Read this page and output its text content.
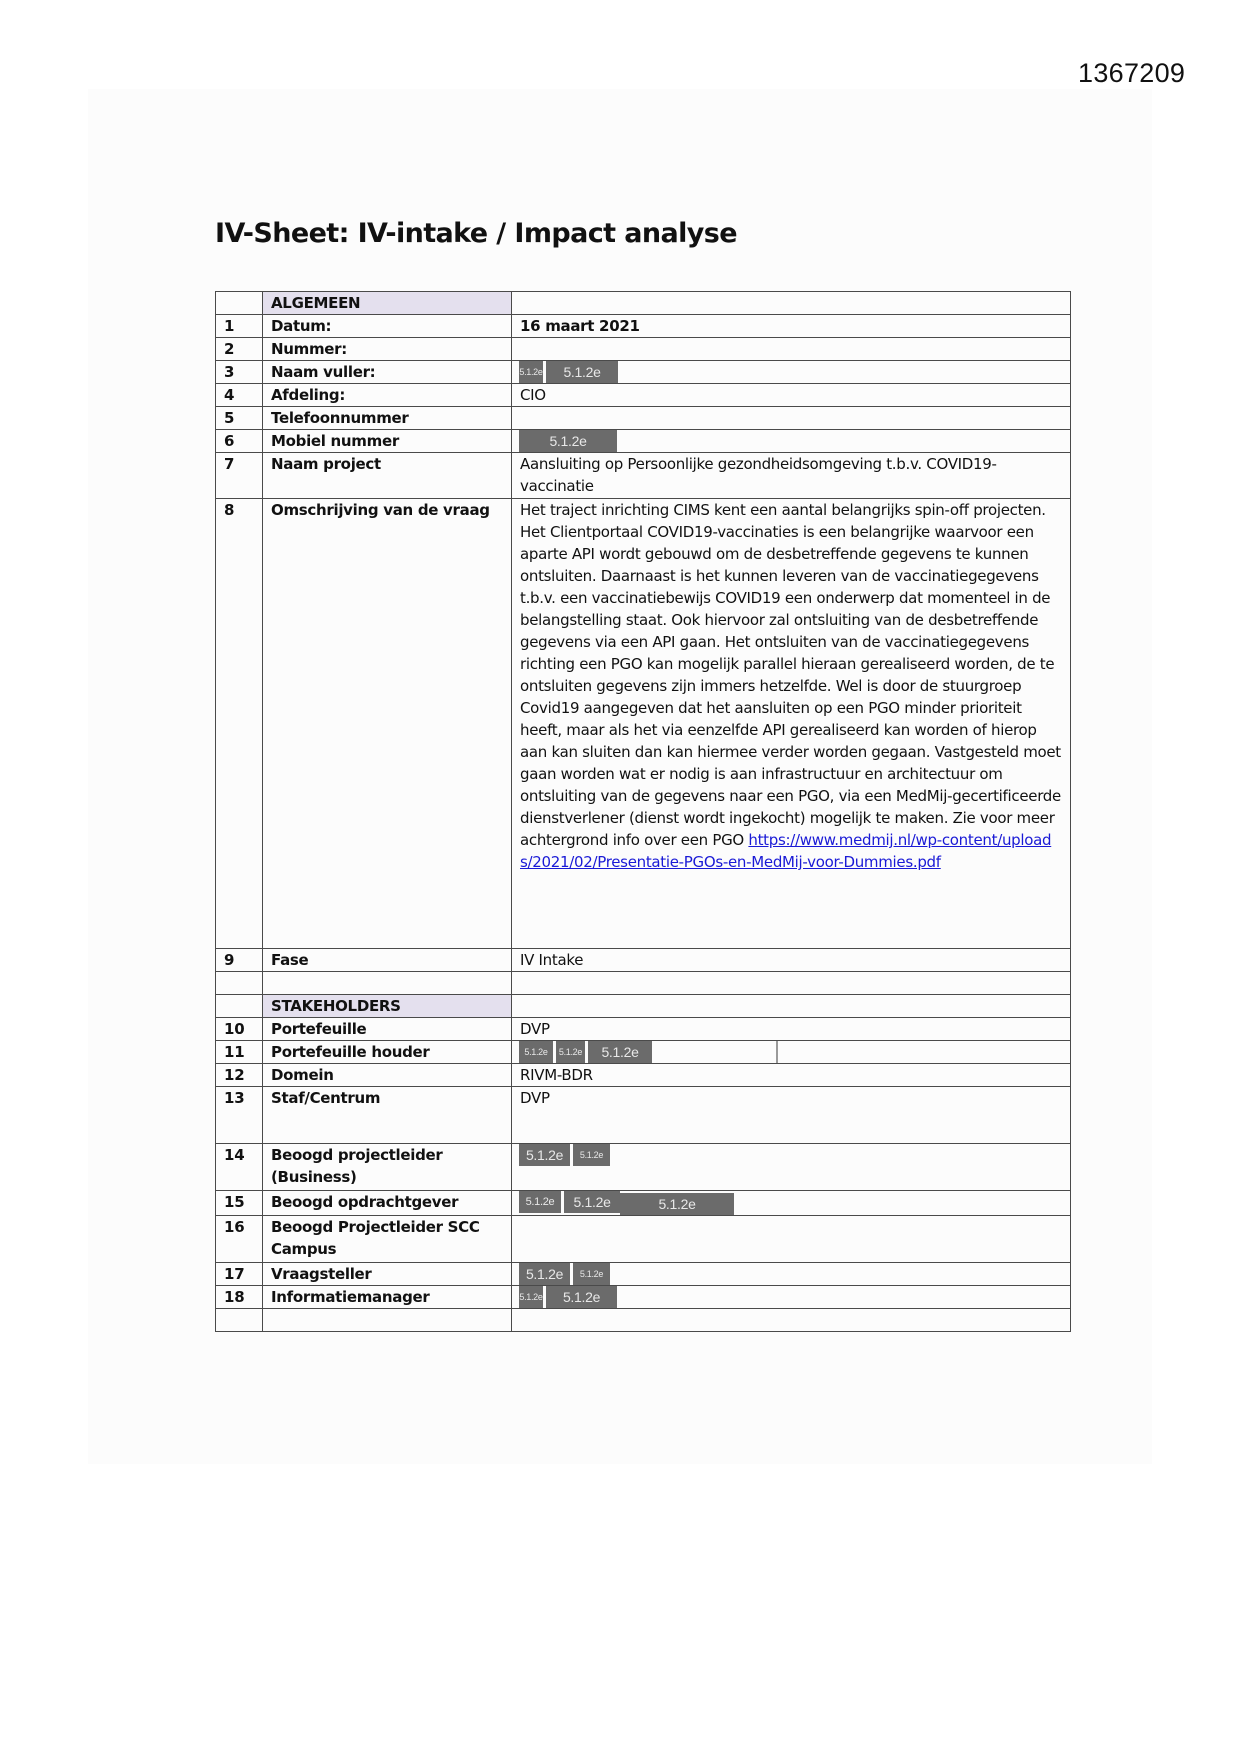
1367209
IV-Sheet: IV-intake / Impact analyse
	ALGEMEEN	
1	Datum:	16 maart 2021
2	Nummer:	
3	Naam vuller:	5.1.2e 5.1.2e

4	Afdeling:	CIO
5	Telefoonnummer	
6	Mobiel nummer	5.1.2e

7	Naam project	Aansluiting op Persoonlijke gezondheidsomgeving t.b.v. COVID19-vaccinatie
8	Omschrijving van de vraag	Het traject inrichting CIMS kent een aantal belangrijks spin-off projecten. Het Clientportaal COVID19-vaccinaties is een belangrijke waarvoor een aparte API wordt gebouwd om de desbetreffende gegevens te kunnen ontsluiten. Daarnaast is het kunnen leveren van de vaccinatiegegevens t.b.v. een vaccinatiebewijs COVID19 een onderwerp dat momenteel in de belangstelling staat. Ook hiervoor zal ontsluiting van de desbetreffende gegevens via een API gaan. Het ontsluiten van de vaccinatiegegevens richting een PGO kan mogelijk parallel hieraan gerealiseerd worden, de te ontsluiten gegevens zijn immers hetzelfde. Wel is door de stuurgroep Covid19 aangegeven dat het aansluiten op een PGO minder prioriteit heeft, maar als het via eenzelfde API gerealiseerd kan worden of hierop aan kan sluiten dan kan hiermee verder worden gegaan. Vastgesteld moet gaan worden wat er nodig is aan infrastructuur en architectuur om ontsluiting van de gegevens naar een PGO, via een MedMij-gecertificeerde dienstverlener (dienst wordt ingekocht) mogelijk te maken. Zie voor meer achtergrond info over een PGO https://www.medmij.nl/wp-content/uploads/2021/02/Presentatie-PGOs-en-MedMij-voor-Dummies.pdf
9	Fase	IV Intake

	STAKEHOLDERS	
10	Portefeuille	DVP
11	Portefeuille houder	5.1.2e 5.1.2e 5.1.2e

12	Domein	RIVM-BDR
13	Staf/Centrum	DVP
14	Beoogd projectleider (Business)	5.1.2e 5.1.2e

15	Beoogd opdrachtgever	5.1.2e 5.1.2e 5.1.2e

16	Beoogd Projectleider SCC Campus	
17	Vraagsteller	5.1.2e 5.1.2e

18	Informatiemanager	5.1.2e 5.1.2e
